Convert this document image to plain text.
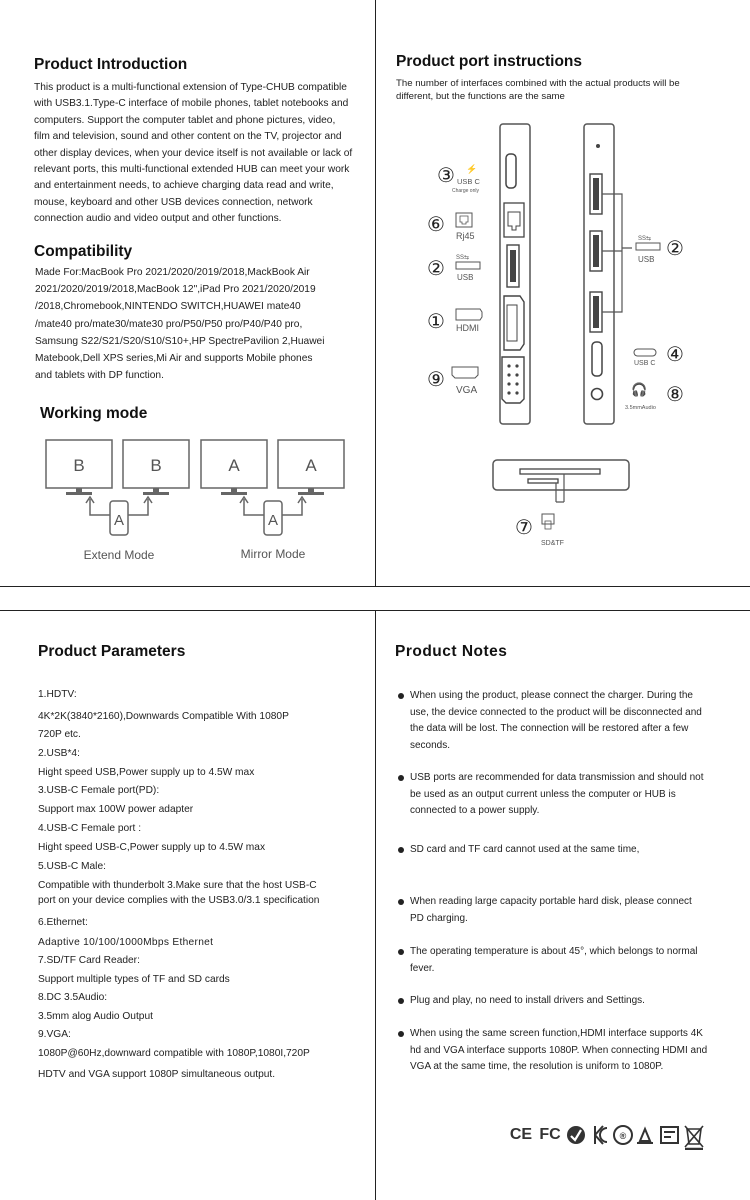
Product Introduction

This product is a multi-functional extension of Type-CHUB compatible

with USB3.1.Type-C interface of mobile phones, tablet notebooks and

computers. Support the computer tablet and phone pictures, video,

film and television, sound and other content on the TV, projector and

other display devices, when your device itself is not available or lack of

relevant ports, this multi-functional extended HUB can meet your work

and entertainment needs, to achieve charging data read and write,

mouse, keyboard and other USB devices connection, network

connection audio and video output and other functions.

Compatibility

Made For:MacBook Pro 2021/2020/2019/2018,MackBook Air

2021/2020/2019/2018,MacBook 12",iPad Pro 2021/2020/2019

/2018,Chromebook,NINTENDO SWITCH,HUAWEI mate40

/mate40 pro/mate30/mate30 pro/P50/P50 pro/P40/P40 pro,

Samsung S22/S21/S20/S10/S10+,HP SpectrePavilion 2,Huawei

Matebook,Dell XPS series,Mi Air and supports Mobile phones

and tablets with DP function.

Working mode
B	B
A
Extend Mode
A	A
A
Mirror Mode
Product port instructions
The number of interfaces combined with the actual products will be
different, but the functions are the same
③ ⚡
USB C
Charge only
⑥ Rj45
② SS⇆
USB
① HDMI
⑨ VGA
SS⇆
USB ②
USB C ④
🎧
3.5mmAudio
⑧
⑦
SD&TF
Product Parameters
1.HDTV:
4K*2K(3840*2160),Downwards Compatible With 1080P
720P etc.
2.USB*4:
Hight speed USB,Power supply up to 4.5W max
3.USB-C Female port(PD):
Support max 100W power adapter
4.USB-C Female port :
Hight speed USB-C,Power supply up to 4.5W max
5.USB-C Male:
Compatible with thunderbolt 3.Make sure that the host USB-C
port on your device complies with the USB3.0/3.1 specification
6.Ethernet:
Adaptive 10/100/1000Mbps Ethernet
7.SD/TF Card Reader:
Support multiple types of TF and SD cards
8.DC 3.5Audio:
3.5mm alog Audio Output
9.VGA:
1080P@60Hz,downward compatible with 1080P,1080I,720P
HDTV and VGA support 1080P simultaneous output.
Product Notes

When using the product, please connect the charger. During the

use, the device connected to the product will be disconnected and

the data will be lost. The connection will be restored after a few

seconds.

USB ports are recommended for data transmission and should not

be used as an output current unless the computer or HUB is

connected to a power supply.

SD card and TF card cannot used at the same time,

When reading large capacity portable hard disk, please connect

PD charging.

The operating temperature is about 45°, which belongs to normal

fever.

Plug and play, no need to install drivers and Settings.

When using the same screen function,HDMI interface supports 4K

hd and VGA interface supports 1080P. When connecting HDMI and

VGA at the same time, the resolution is uniform to 1080P.

CE FC	®
